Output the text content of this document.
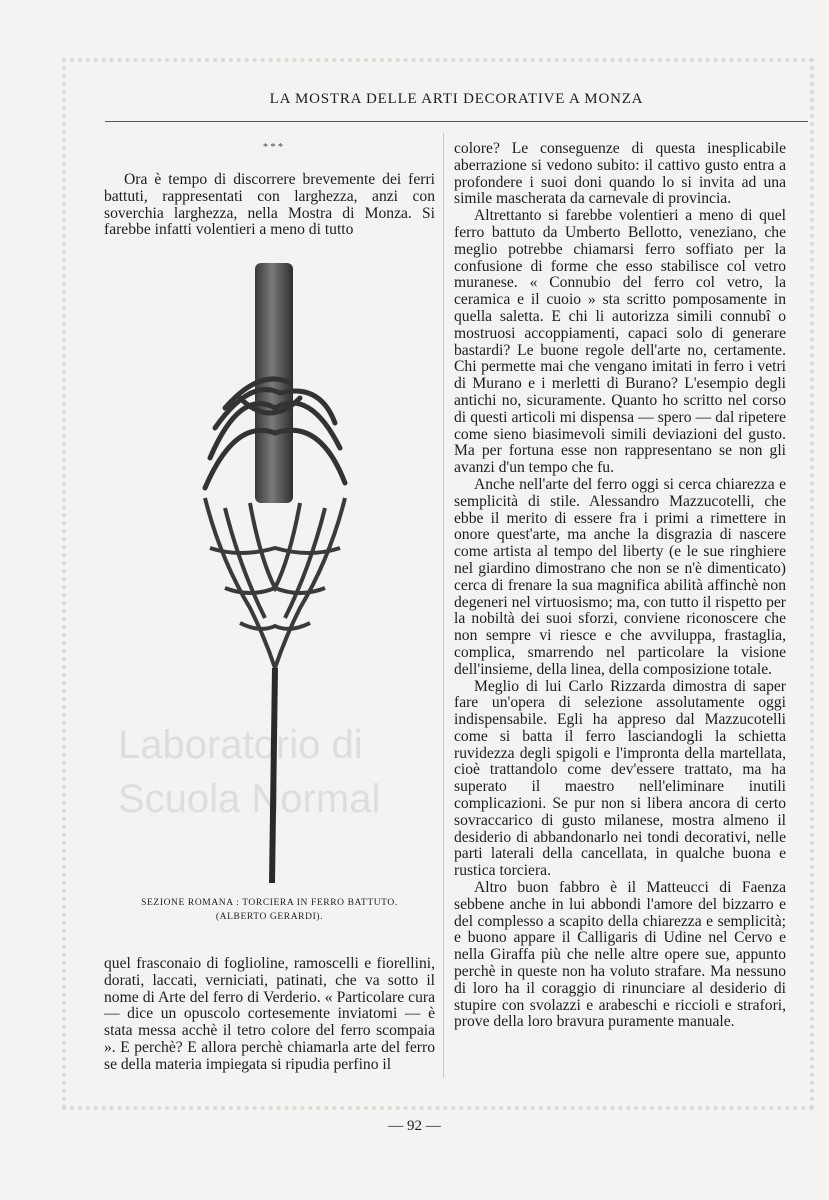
LA MOSTRA DELLE ARTI DECORATIVE A MONZA
Laboratorio di
Scuola Normal
* * *

Ora è tempo di discorrere brevemente dei ferri battuti, rappresentati con larghezza, anzi con soverchia larghezza, nella Mostra di Monza. Si farebbe infatti volentieri a meno di tutto

SEZIONE ROMANA : TORCIERA IN FERRO BATTUTO.
(ALBERTO GERARDI).

quel frasconaio di foglioline, ramoscelli e fiorellini, dorati, laccati, verniciati, patinati, che va sotto il nome di Arte del ferro di Verderio. « Particolare cura — dice un opuscolo cortesemente inviatomi — è stata messa acchè il tetro colore del ferro scompaia ». E perchè? E allora perchè chiamarla arte del ferro se della materia impiegata si ripudia perfino il

colore? Le conseguenze di questa inesplicabile aberrazione si vedono subito: il cattivo gusto entra a profondere i suoi doni quando lo si invita ad una simile mascherata da carnevale di provincia.

Altrettanto si farebbe volentieri a meno di quel ferro battuto da Umberto Bellotto, veneziano, che meglio potrebbe chiamarsi ferro soffiato per la confusione di forme che esso stabilisce col vetro muranese. « Connubio del ferro col vetro, la ceramica e il cuoio » sta scritto pomposamente in quella saletta. E chi li autorizza simili connubî o mostruosi accoppiamenti, capaci solo di generare bastardi? Le buone regole dell'arte no, certamente. Chi permette mai che vengano imitati in ferro i vetri di Murano e i merletti di Burano? L'esempio degli antichi no, sicuramente. Quanto ho scritto nel corso di questi articoli mi dispensa — spero — dal ripetere come sieno biasimevoli simili deviazioni del gusto. Ma per fortuna esse non rappresentano se non gli avanzi d'un tempo che fu.

Anche nell'arte del ferro oggi si cerca chiarezza e semplicità di stile. Alessandro Mazzucotelli, che ebbe il merito di essere fra i primi a rimettere in onore quest'arte, ma anche la disgrazia di nascere come artista al tempo del liberty (e le sue ringhiere nel giardino dimostrano che non se n'è dimenticato) cerca di frenare la sua magnifica abilità affinchè non degeneri nel virtuosismo; ma, con tutto il rispetto per la nobiltà dei suoi sforzi, conviene riconoscere che non sempre vi riesce e che avviluppa, frastaglia, complica, smarrendo nel particolare la visione dell'insieme, della linea, della composizione totale.

Meglio di lui Carlo Rizzarda dimostra di saper fare un'opera di selezione assolutamente oggi indispensabile. Egli ha appreso dal Mazzucotelli come si batta il ferro lasciandogli la schietta ruvidezza degli spigoli e l'impronta della martellata, cioè trattandolo come dev'essere trattato, ma ha superato il maestro nell'eliminare inutili complicazioni. Se pur non si libera ancora di certo sovraccarico di gusto milanese, mostra almeno il desiderio di abbandonarlo nei tondi decorativi, nelle parti laterali della cancellata, in qualche buona e rustica torciera.

Altro buon fabbro è il Matteucci di Faenza sebbene anche in lui abbondi l'amore del bizzarro e del complesso a scapito della chiarezza e semplicità; e buono appare il Calligaris di Udine nel Cervo e nella Giraffa più che nelle altre opere sue, appunto perchè in queste non ha voluto strafare. Ma nessuno di loro ha il coraggio di rinunciare al desiderio di stupire con svolazzi e arabeschi e riccioli e strafori, prove della loro bravura puramente manuale.

— 92 —
